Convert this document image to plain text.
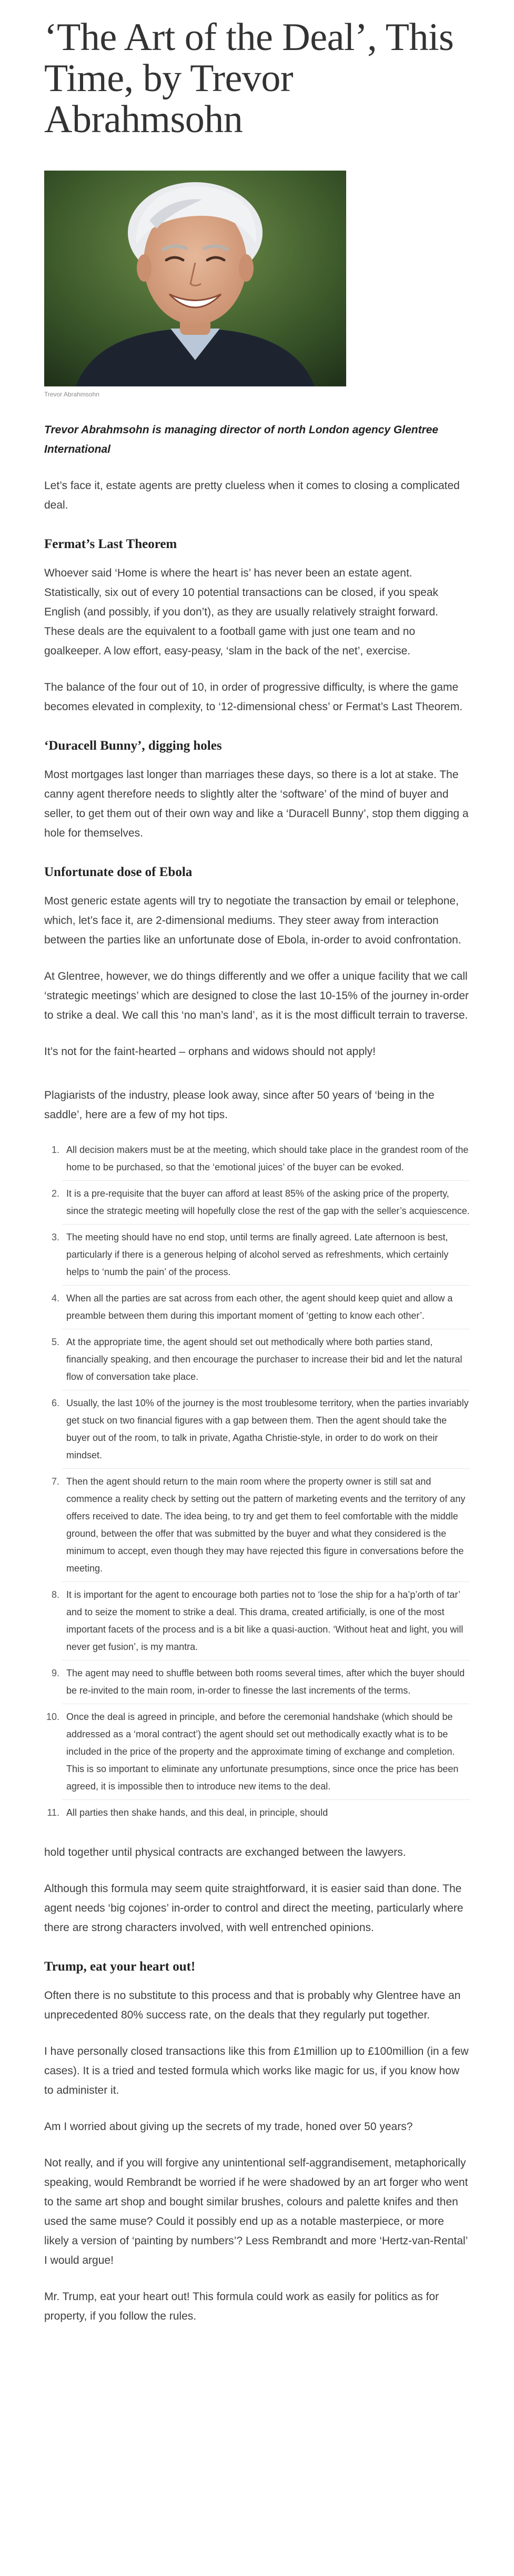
‘The Art of the Deal’, This Time, by Trevor Abrahmsohn
Trevor Abrahmsohn

Trevor Abrahmsohn is managing director of north London agency Glentree International

Let’s face it, estate agents are pretty clueless when it comes to closing a complicated deal.

Fermat’s Last Theorem

Whoever said ‘Home is where the heart is’ has never been an estate agent. Statistically, six out of every 10 potential transactions can be closed, if you speak English (and possibly, if you don’t), as they are usually relatively straight forward. These deals are the equivalent to a football game with just one team and no goalkeeper. A low effort, easy-peasy, ‘slam in the back of the net’, exercise.

The balance of the four out of 10, in order of progressive difficulty, is where the game becomes elevated in complexity, to ‘12-dimensional chess’ or Fermat’s Last Theorem.

‘Duracell Bunny’, digging holes

Most mortgages last longer than marriages these days, so there is a lot at stake. The canny agent therefore needs to slightly alter the ‘software’ of the mind of buyer and seller, to get them out of their own way and like a ‘Duracell Bunny’, stop them digging a hole for themselves.

Unfortunate dose of Ebola

Most generic estate agents will try to negotiate the transaction by email or telephone, which, let’s face it, are 2-dimensional mediums. They steer away from interaction between the parties like an unfortunate dose of Ebola, in-order to avoid confrontation.

At Glentree, however, we do things differently and we offer a unique facility that we call ‘strategic meetings’ which are designed to close the last 10-15% of the journey in-order to strike a deal. We call this ‘no man’s land’, as it is the most difficult terrain to traverse.

It’s not for the faint-hearted – orphans and widows should not apply!

Plagiarists of the industry, please look away, since after 50 years of ‘being in the saddle’, here are a few of my hot tips.

1. All decision makers must be at the meeting, which should take place in the grandest room of the home to be purchased, so that the ‘emotional juices’ of the buyer can be evoked.
2. It is a pre-requisite that the buyer can afford at least 85% of the asking price of the property, since the strategic meeting will hopefully close the rest of the gap with the seller’s acquiescence.
3. The meeting should have no end stop, until terms are finally agreed. Late afternoon is best, particularly if there is a generous helping of alcohol served as refreshments, which certainly helps to ‘numb the pain’ of the process.
4. When all the parties are sat across from each other, the agent should keep quiet and allow a preamble between them during this important moment of ‘getting to know each other’.
5. At the appropriate time, the agent should set out methodically where both parties stand, financially speaking, and then encourage the purchaser to increase their bid and let the natural flow of conversation take place.
6. Usually, the last 10% of the journey is the most troublesome territory, when the parties invariably get stuck on two financial figures with a gap between them. Then the agent should take the buyer out of the room, to talk in private, Agatha Christie-style, in order to do work on their mindset.
7. Then the agent should return to the main room where the property owner is still sat and commence a reality check by setting out the pattern of marketing events and the territory of any offers received to date. The idea being, to try and get them to feel comfortable with the middle ground, between the offer that was submitted by the buyer and what they considered is the minimum to accept, even though they may have rejected this figure in conversations before the meeting.
8. It is important for the agent to encourage both parties not to ‘lose the ship for a ha’p’orth of tar’ and to seize the moment to strike a deal. This drama, created artificially, is one of the most important facets of the process and is a bit like a quasi-auction. ‘Without heat and light, you will never get fusion’, is my mantra.
9. The agent may need to shuffle between both rooms several times, after which the buyer should be re-invited to the main room, in-order to finesse the last increments of the terms.
10. Once the deal is agreed in principle, and before the ceremonial handshake (which should be addressed as a ‘moral contract’) the agent should set out methodically exactly what is to be included in the price of the property and the approximate timing of exchange and completion. This is so important to eliminate any unfortunate presumptions, since once the price has been agreed, it is impossible then to introduce new items to the deal.
11. All parties then shake hands, and this deal, in principle, should

hold together until physical contracts are exchanged between the lawyers.

Although this formula may seem quite straightforward, it is easier said than done. The agent needs ‘big cojones’ in-order to control and direct the meeting, particularly where there are strong characters involved, with well entrenched opinions.

Trump, eat your heart out!

Often there is no substitute to this process and that is probably why Glentree have an unprecedented 80% success rate, on the deals that they regularly put together.

I have personally closed transactions like this from £1million up to £100million (in a few cases). It is a tried and tested formula which works like magic for us, if you know how to administer it.

Am I worried about giving up the secrets of my trade, honed over 50 years?

Not really, and if you will forgive any unintentional self-aggrandisement, metaphorically speaking, would Rembrandt be worried if he were shadowed by an art forger who went to the same art shop and bought similar brushes, colours and palette knifes and then used the same muse? Could it possibly end up as a notable masterpiece, or more likely a version of ‘painting by numbers’? Less Rembrandt and more ‘Hertz-van-Rental’ I would argue!

Mr. Trump, eat your heart out! This formula could work as easily for politics as for property, if you follow the rules.
